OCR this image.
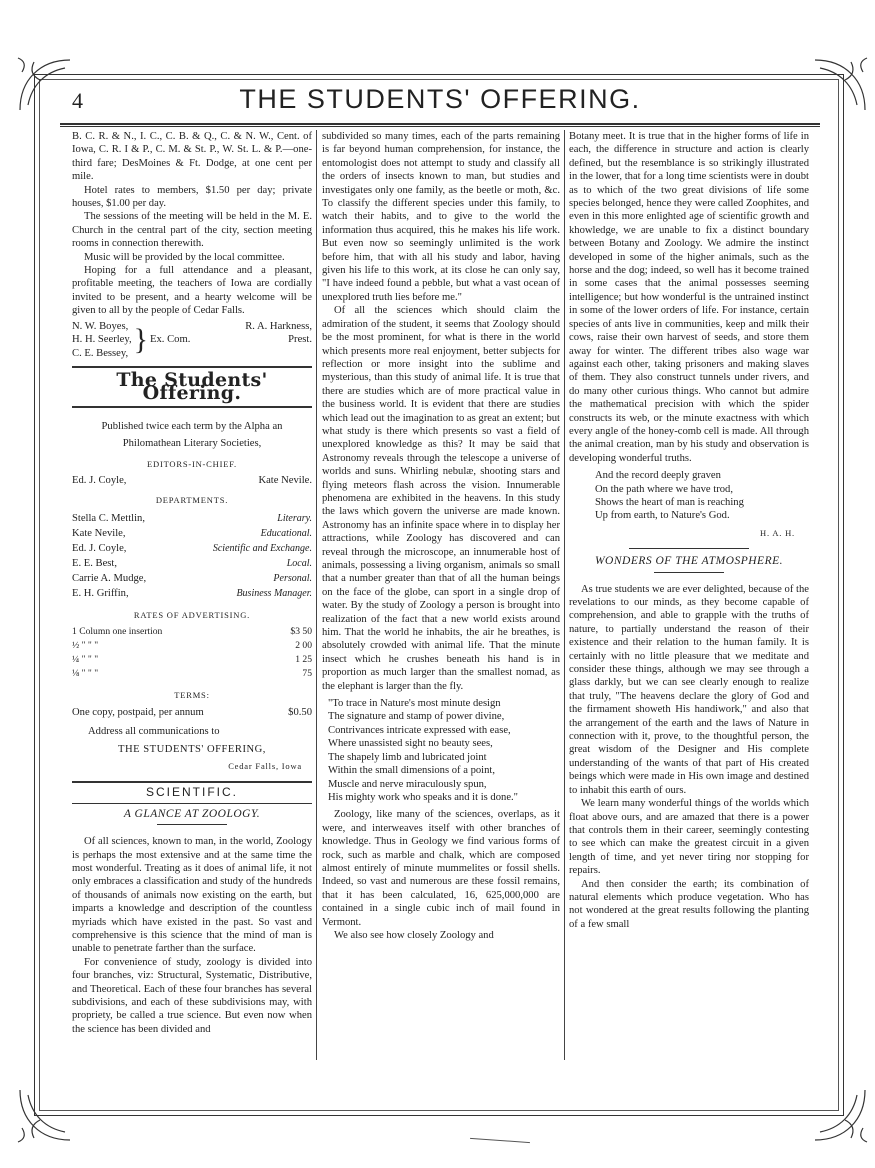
4	THE STUDENTS' OFFERING.

B. C. R. & N., I. C., C. B. & Q., C. & N. W., Cent. of Iowa, C. R. I & P., C. M. & St. P., W. St. L. & P.—one-third fare; DesMoines & Ft. Dodge, at one cent per mile.

Hotel rates to members, $1.50 per day; private houses, $1.00 per day.

The sessions of the meeting will be held in the M. E. Church in the central part of the city, section meeting rooms in connection therewith.

Music will be provided by the local committee.

Hoping for a full attendance and a pleasant, profitable meeting, the teachers of Iowa are cordially invited to be present, and a hearty welcome will be given to all by the people of Cedar Falls.

N. W. Boyes,
H. H. Seerley,
C. E. Bessey, } Ex. Com.
R. A. Harkness,
Prest.
The Students' Offering.

Published twice each term by the Alpha an Philomathean Literary Societies,

EDITORS-IN-CHIEF.

Ed. J. Coyle,	Kate Nevile.

DEPARTMENTS.

Stella C. Mettlin,	Literary.
Kate Nevile,	Educational.
Ed. J. Coyle,	Scientific and Exchange.
E. E. Best,	Local.
Carrie A. Mudge,	Personal.
E. H. Griffin,	Business Manager.

RATES OF ADVERTISING.

1 Column one insertion	$3 50
½ " " "	2 00
¼ " " "	1 25
⅛ " " "	75

TERMS:

One copy, postpaid, per annum	$0.50

Address all communications to

THE STUDENTS' OFFERING,

Cedar Falls, Iowa

SCIENTIFIC.
A GLANCE AT ZOOLOGY.

Of all sciences, known to man, in the world, Zoology is perhaps the most extensive and at the same time the most wonderful. Treating as it does of animal life, it not only embraces a classification and study of the hundreds of thousands of animals now existing on the earth, but imparts a knowledge and description of the countless myriads which have existed in the past. So vast and comprehensive is this science that the mind of man is unable to penetrate farther than the surface.

For convenience of study, zoology is divided into four branches, viz: Structural, Systematic, Distributive, and Theoretical. Each of these four branches has several subdivisions, and each of these subdivisions may, with propriety, be called a true science. But even now when the science has been divided and

subdivided so many times, each of the parts remaining is far beyond human comprehension, for instance, the entomologist does not attempt to study and classify all the orders of insects known to man, but studies and investigates only one family, as the beetle or moth, &c. To classify the different species under this family, to watch their habits, and to give to the world the information thus acquired, this he makes his life work. But even now so seemingly unlimited is the work before him, that with all his study and labor, having given his life to this work, at its close he can only say, "I have indeed found a pebble, but what a vast ocean of unexplored truth lies before me."

Of all the sciences which should claim the admiration of the student, it seems that Zoology should be the most prominent, for what is there in the world which presents more real enjoyment, better subjects for reflection or more insight into the sublime and mysterious, than this study of animal life. It is true that there are studies which are of more practical value in the business world. It is evident that there are studies which lead out the imagination to as great an extent; but what study is there which presents so vast a field of unexplored knowledge as this? It may be said that Astronomy reveals through the telescope a universe of worlds and suns. Whirling nebulæ, shooting stars and flying meteors flash across the vision. Innumerable phenomena are exhibited in the heavens. In this study the laws which govern the universe are made known. Astronomy has an infinite space where in to display her attractions, while Zoology has discovered and can reveal through the microscope, an innumerable host of animals, possessing a living organism, animals so small that a number greater than that of all the human beings on the face of the globe, can sport in a single drop of water. By the study of Zoology a person is brought into realization of the fact that a new world exists around him. That the world he inhabits, the air he breathes, is absolutely crowded with animal life. That the minute insect which he crushes beneath his hand is in proportion as much larger than the smallest nomad, as the elephant is larger than the fly.

"To trace in Nature's most minute design
The signature and stamp of power divine,
Contrivances intricate expressed with ease,
Where unassisted sight no beauty sees,
The shapely limb and lubricated joint
Within the small dimensions of a point,
Muscle and nerve miraculously spun,
His mighty work who speaks and it is done."

Zoology, like many of the sciences, overlaps, as it were, and interweaves itself with other branches of knowledge. Thus in Geology we find various forms of rock, such as marble and chalk, which are composed almost entirely of minute mummelites or fossil shells. Indeed, so vast and numerous are these fossil remains, that it has been calculated, 16, 625,000,000 are contained in a single cubic inch of mail found in Vermont.

We also see how closely Zoology and

Botany meet. It is true that in the higher forms of life in each, the difference in structure and action is clearly defined, but the resemblance is so strikingly illustrated in the lower, that for a long time scientists were in doubt as to which of the two great divisions of life some species belonged, hence they were called Zoophites, and even in this more enlighted age of scientific growth and khowledge, we are unable to fix a distinct boundary between Botany and Zoology. We admire the instinct developed in some of the higher animals, such as the horse and the dog; indeed, so well has it become trained in some cases that the animal possesses seeming intelligence; but how wonderful is the untrained instinct in some of the lower orders of life. For instance, certain species of ants live in communities, keep and milk their cows, raise their own harvest of seeds, and store them away for winter. The different tribes also wage war against each other, taking prisoners and making slaves of them. They also construct tunnels under rivers, and do many other curious things. Who cannot but admire the mathematical precision with which the spider constructs its web, or the minute exactness with which every angle of the honey-comb cell is made. All through the animal creation, man by his study and observation is developing wonderful truths.

And the record deeply graven
On the path where we have trod,
Shows the heart of man is reaching
Up from earth, to Nature's God.

H. A. H.

WONDERS OF THE ATMOSPHERE.

As true students we are ever delighted, because of the revelations to our minds, as they become capable of comprehension, and able to grapple with the truths of nature, to partially understand the reason of their existence and their relation to the human family. It is certainly with no little pleasure that we meditate and consider these things, although we may see through a glass darkly, but we can see clearly enough to realize that truly, "The heavens declare the glory of God and the firmament showeth His handiwork," and also that the arrangement of the earth and the laws of Nature in connection with it, prove, to the thoughtful person, the great wisdom of the Designer and His complete understanding of the wants of that part of His created beings which were made in His own image and destined to inhabit this earth of ours.

We learn many wonderful things of the worlds which float above ours, and are amazed that there is a power that controls them in their career, seemingly contesting to see which can make the greatest circuit in a given length of time, and yet never tiring nor stopping for repairs.

And then consider the earth; its combination of natural elements which produce vegetation. Who has not wondered at the great results following the planting of a few small
